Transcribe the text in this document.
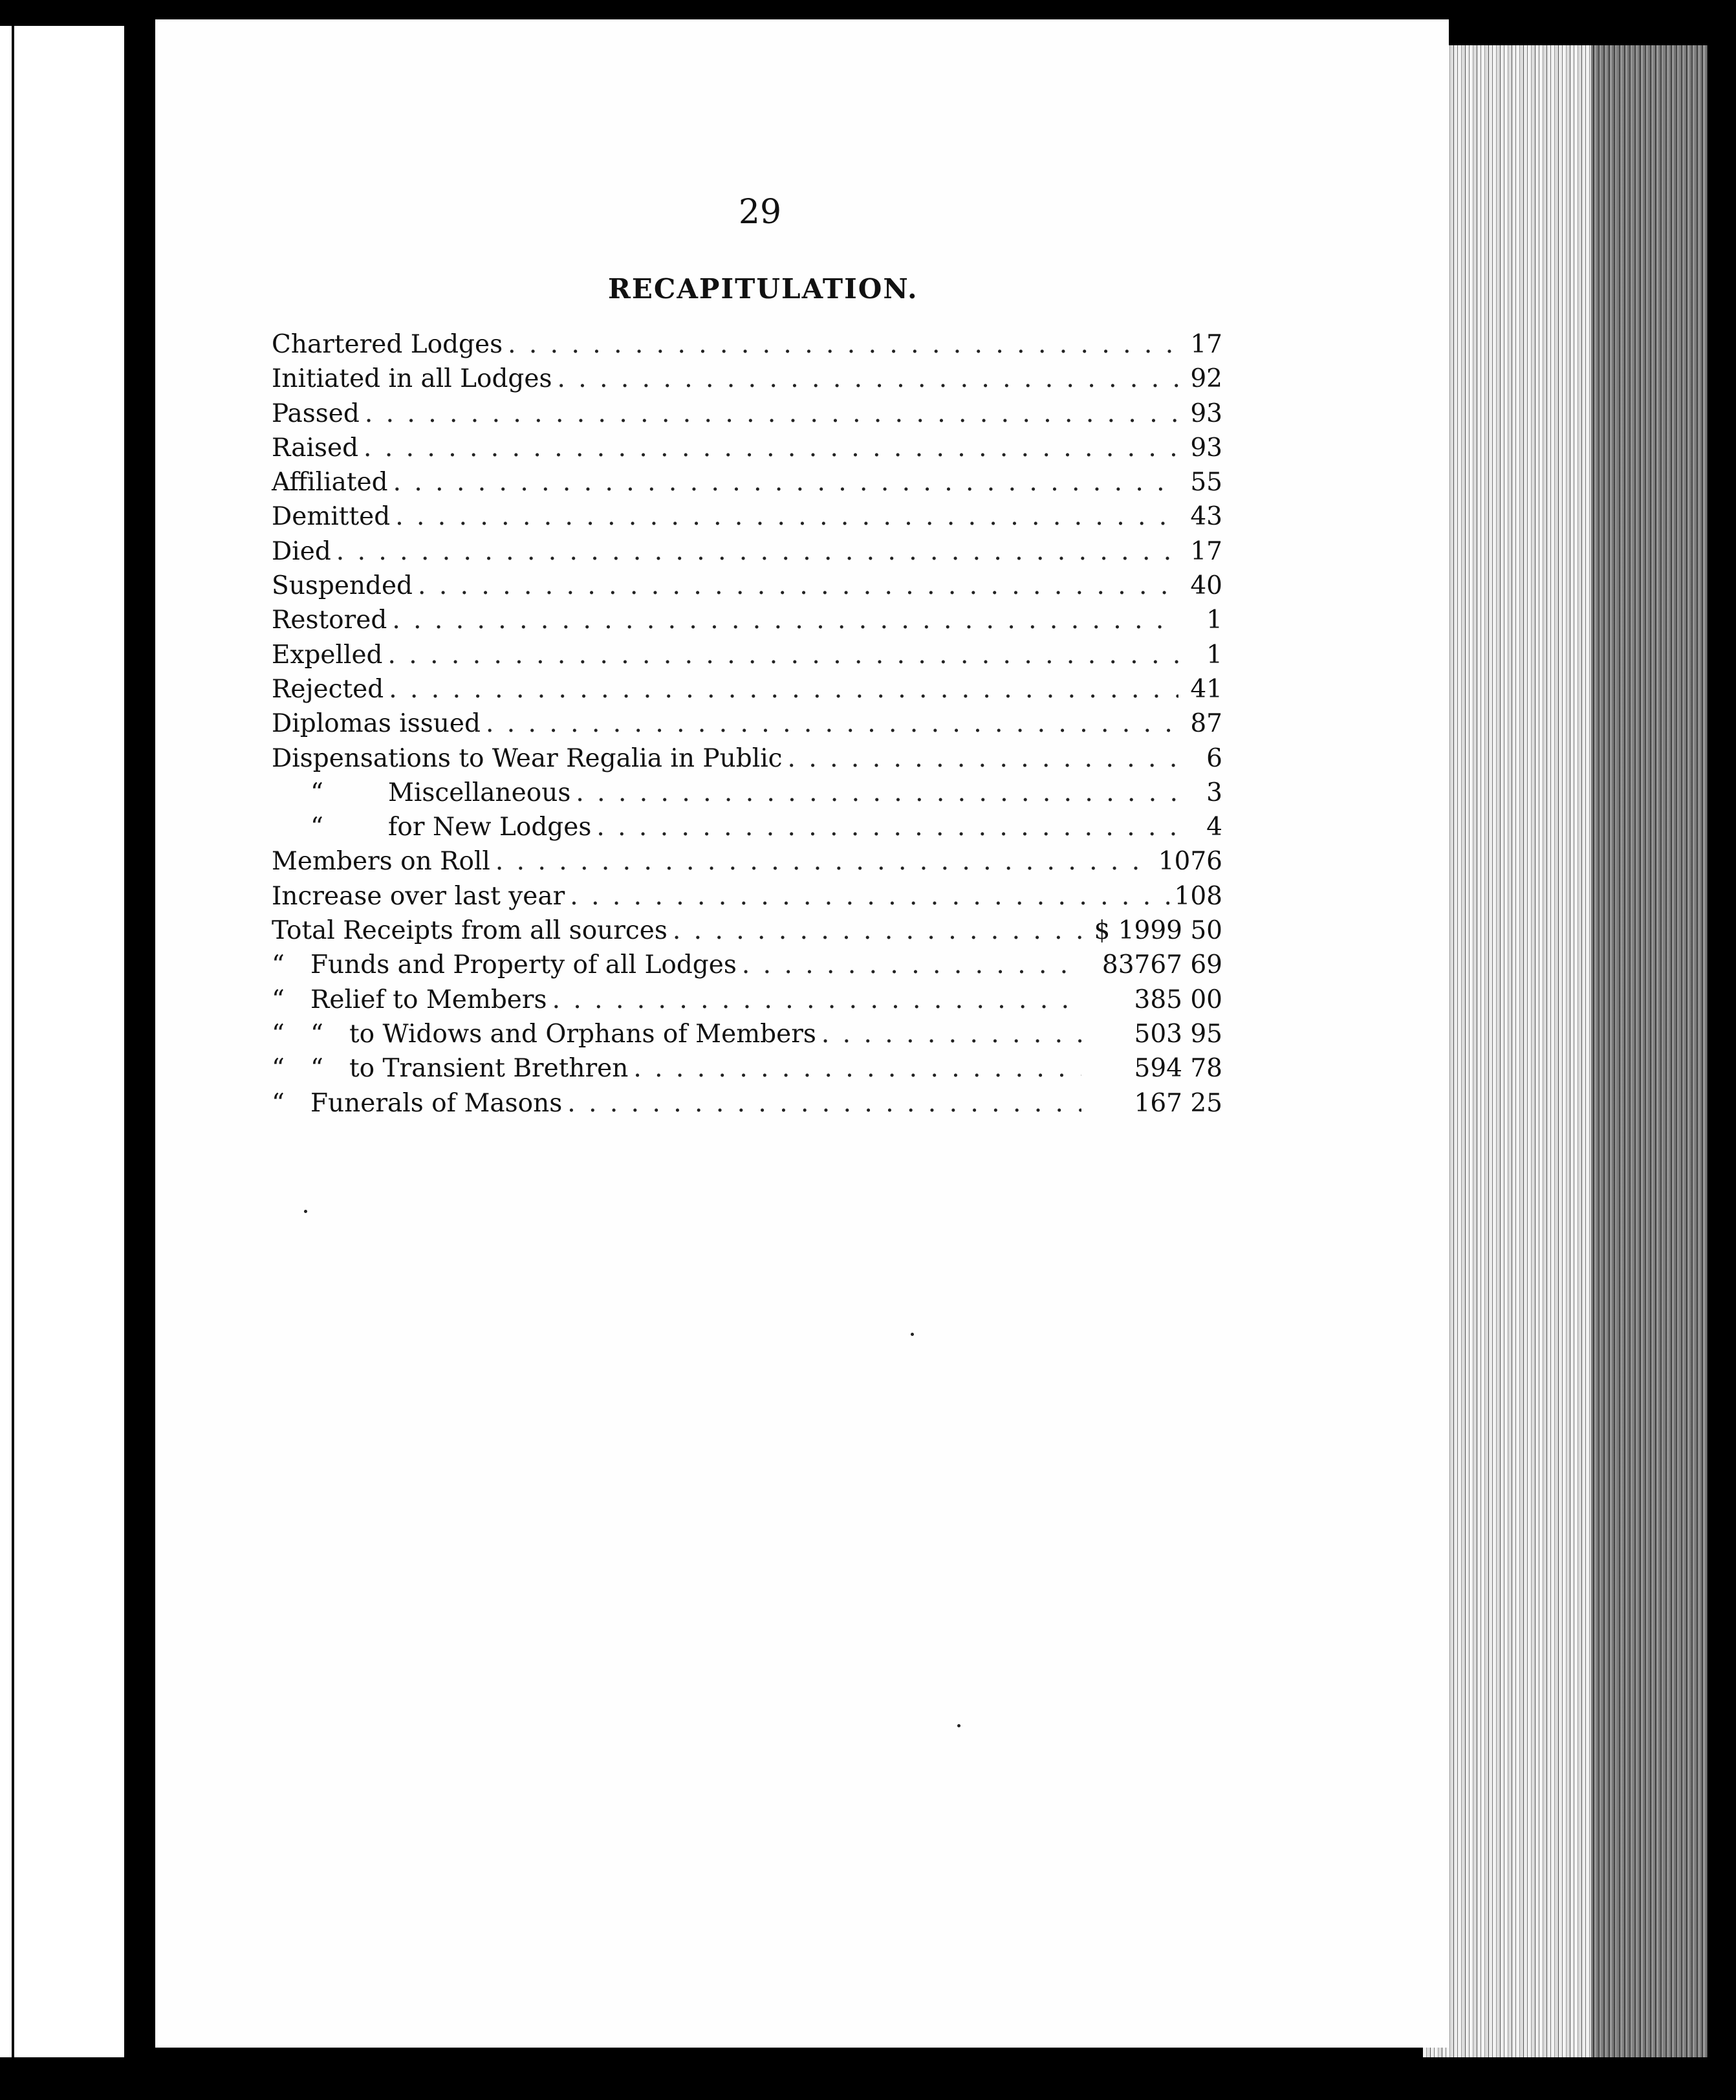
29
RECAPITULATION.
Chartered Lodges . . .	17
Initiated in all Lodges . . .	92
Passed . . .	93
Raised . . .	93
Affiliated . . .	55
Demitted . . .	43
Died . . .	17
Suspended . . .	40
Restored . . .	1
Expelled . . .	1
Rejected . . .	41
Diplomas issued . . .	87
Dispensations to Wear Regalia in Public . . .	6
“	Miscellaneous . . .	3
“	for New Lodges . . .	4
Members on Roll . . .	1076
Increase over last year . . .	108
Total Receipts from all sources . . .	$ 1999 50
“	Funds and Property of all Lodges . . .	83767 69
“	Relief to Members . . .	385 00
“	“	to Widows and Orphans of Members . . .	503 95
“	“	to Transient Brethren . . .	594 78
“	Funerals of Masons . . .	167 25
